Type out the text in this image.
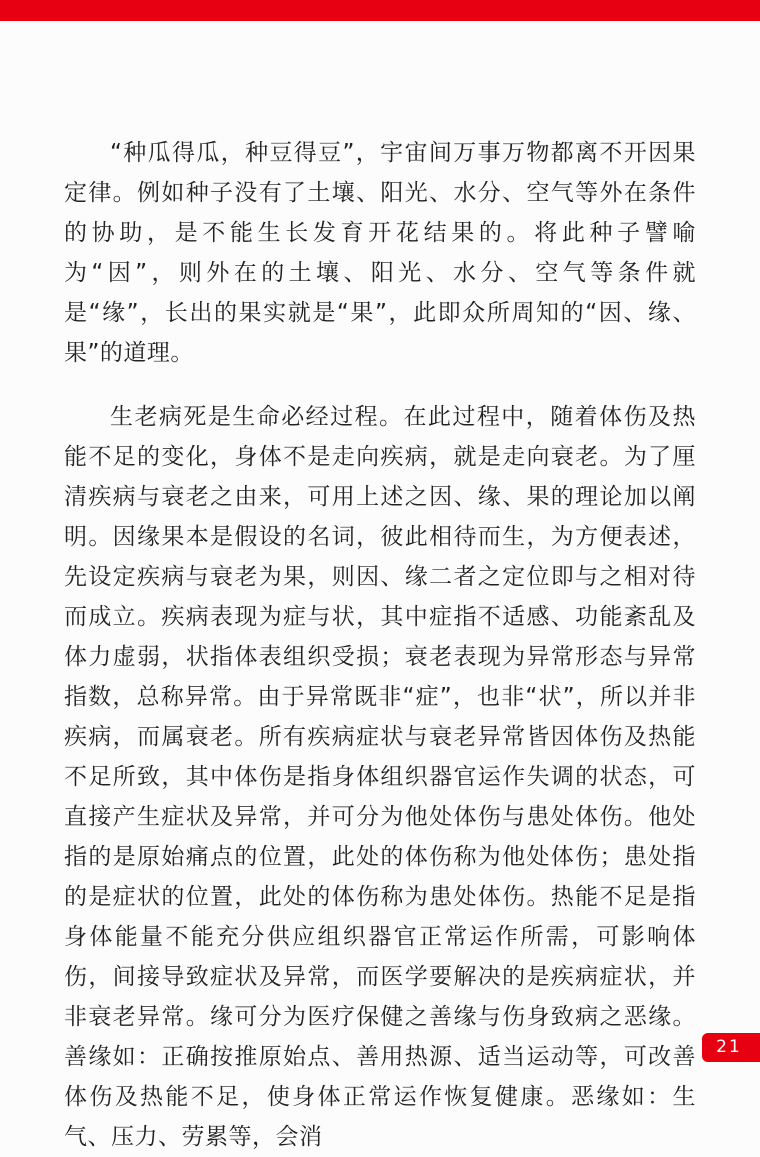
“种瓜得瓜，种豆得豆”，宇宙间万事万物都离不开因果定律。例如种子没有了土壤、阳光、水分、空气等外在条件的协助，是不能生长发育开花结果的。将此种子譬喻为“因”，则外在的土壤、阳光、水分、空气等条件就是“缘”，长出的果实就是“果”，此即众所周知的“因、缘、果”的道理。

生老病死是生命必经过程。在此过程中，随着体伤及热能不足的变化，身体不是走向疾病，就是走向衰老。为了厘清疾病与衰老之由来，可用上述之因、缘、果的理论加以阐明。因缘果本是假设的名词，彼此相待而生，为方便表述，先设定疾病与衰老为果，则因、缘二者之定位即与之相对待而成立。疾病表现为症与状，其中症指不适感、功能紊乱及体力虚弱，状指体表组织受损；衰老表现为异常形态与异常指数，总称异常。由于异常既非“症”，也非“状”，所以并非疾病，而属衰老。所有疾病症状与衰老异常皆因体伤及热能不足所致，其中体伤是指身体组织器官运作失调的状态，可直接产生症状及异常，并可分为他处体伤与患处体伤。他处指的是原始痛点的位置，此处的体伤称为他处体伤；患处指的是症状的位置，此处的体伤称为患处体伤。热能不足是指身体能量不能充分供应组织器官正常运作所需，可影响体伤，间接导致症状及异常，而医学要解决的是疾病症状，并非衰老异常。缘可分为医疗保健之善缘与伤身致病之恶缘。善缘如：正确按推原始点、善用热源、适当运动等，可改善体伤及热能不足，使身体正常运作恢复健康。恶缘如：生气、压力、劳累等，会消

21
